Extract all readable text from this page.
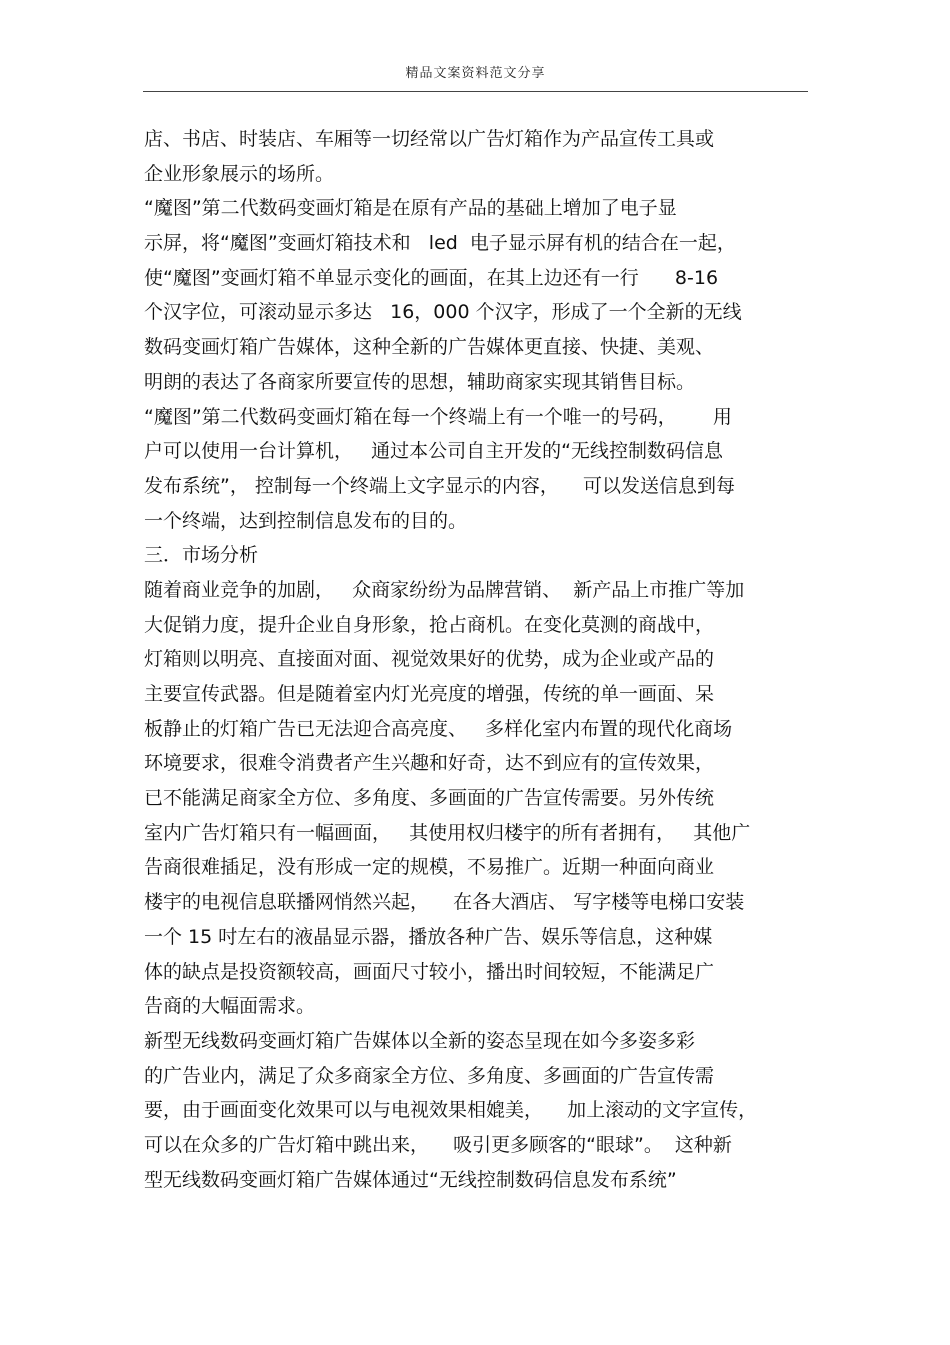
精品文案资料范文分享
店、书店、时装店、车厢等一切经常以广告灯箱作为产品宣传工具或
企业形象展示的场所。
“魔图”第二代数码变画灯箱是在原有产品的基础上增加了电子显
示屏，将“魔图”变画灯箱技术和   led  电子显示屏有机的结合在一起，
使“魔图”变画灯箱不单显示变化的画面，在其上边还有一行      8-16
个汉字位，可滚动显示多达   16，000 个汉字，形成了一个全新的无线
数码变画灯箱广告媒体，这种全新的广告媒体更直接、快捷、美观、
明朗的表达了各商家所要宣传的思想，辅助商家实现其销售目标。
“魔图”第二代数码变画灯箱在每一个终端上有一个唯一的号码，      用
户可以使用一台计算机，   通过本公司自主开发的“无线控制数码信息
发布系统”， 控制每一个终端上文字显示的内容，    可以发送信息到每
一个终端，达到控制信息发布的目的。
三．市场分析
随着商业竞争的加剧，   众商家纷纷为品牌营销、  新产品上市推广等加
大促销力度，提升企业自身形象，抢占商机。在变化莫测的商战中，
灯箱则以明亮、直接面对面、视觉效果好的优势，成为企业或产品的
主要宣传武器。但是随着室内灯光亮度的增强，传统的单一画面、呆
板静止的灯箱广告已无法迎合高亮度、   多样化室内布置的现代化商场
环境要求，很难令消费者产生兴趣和好奇，达不到应有的宣传效果，
已不能满足商家全方位、多角度、多画面的广告宣传需要。另外传统
室内广告灯箱只有一幅画面，   其使用权归楼宇的所有者拥有，   其他广
告商很难插足，没有形成一定的规模，不易推广。近期一种面向商业
楼宇的电视信息联播网悄然兴起，    在各大酒店、 写字楼等电梯口安装
一个 15 吋左右的液晶显示器，播放各种广告、娱乐等信息，这种媒
体的缺点是投资额较高，画面尺寸较小，播出时间较短，不能满足广
告商的大幅面需求。
新型无线数码变画灯箱广告媒体以全新的姿态呈现在如今多姿多彩
的广告业内，满足了众多商家全方位、多角度、多画面的广告宣传需
要，由于画面变化效果可以与电视效果相媲美，    加上滚动的文字宣传，
可以在众多的广告灯箱中跳出来，    吸引更多顾客的“眼球”。  这种新
型无线数码变画灯箱广告媒体通过“无线控制数码信息发布系统”
